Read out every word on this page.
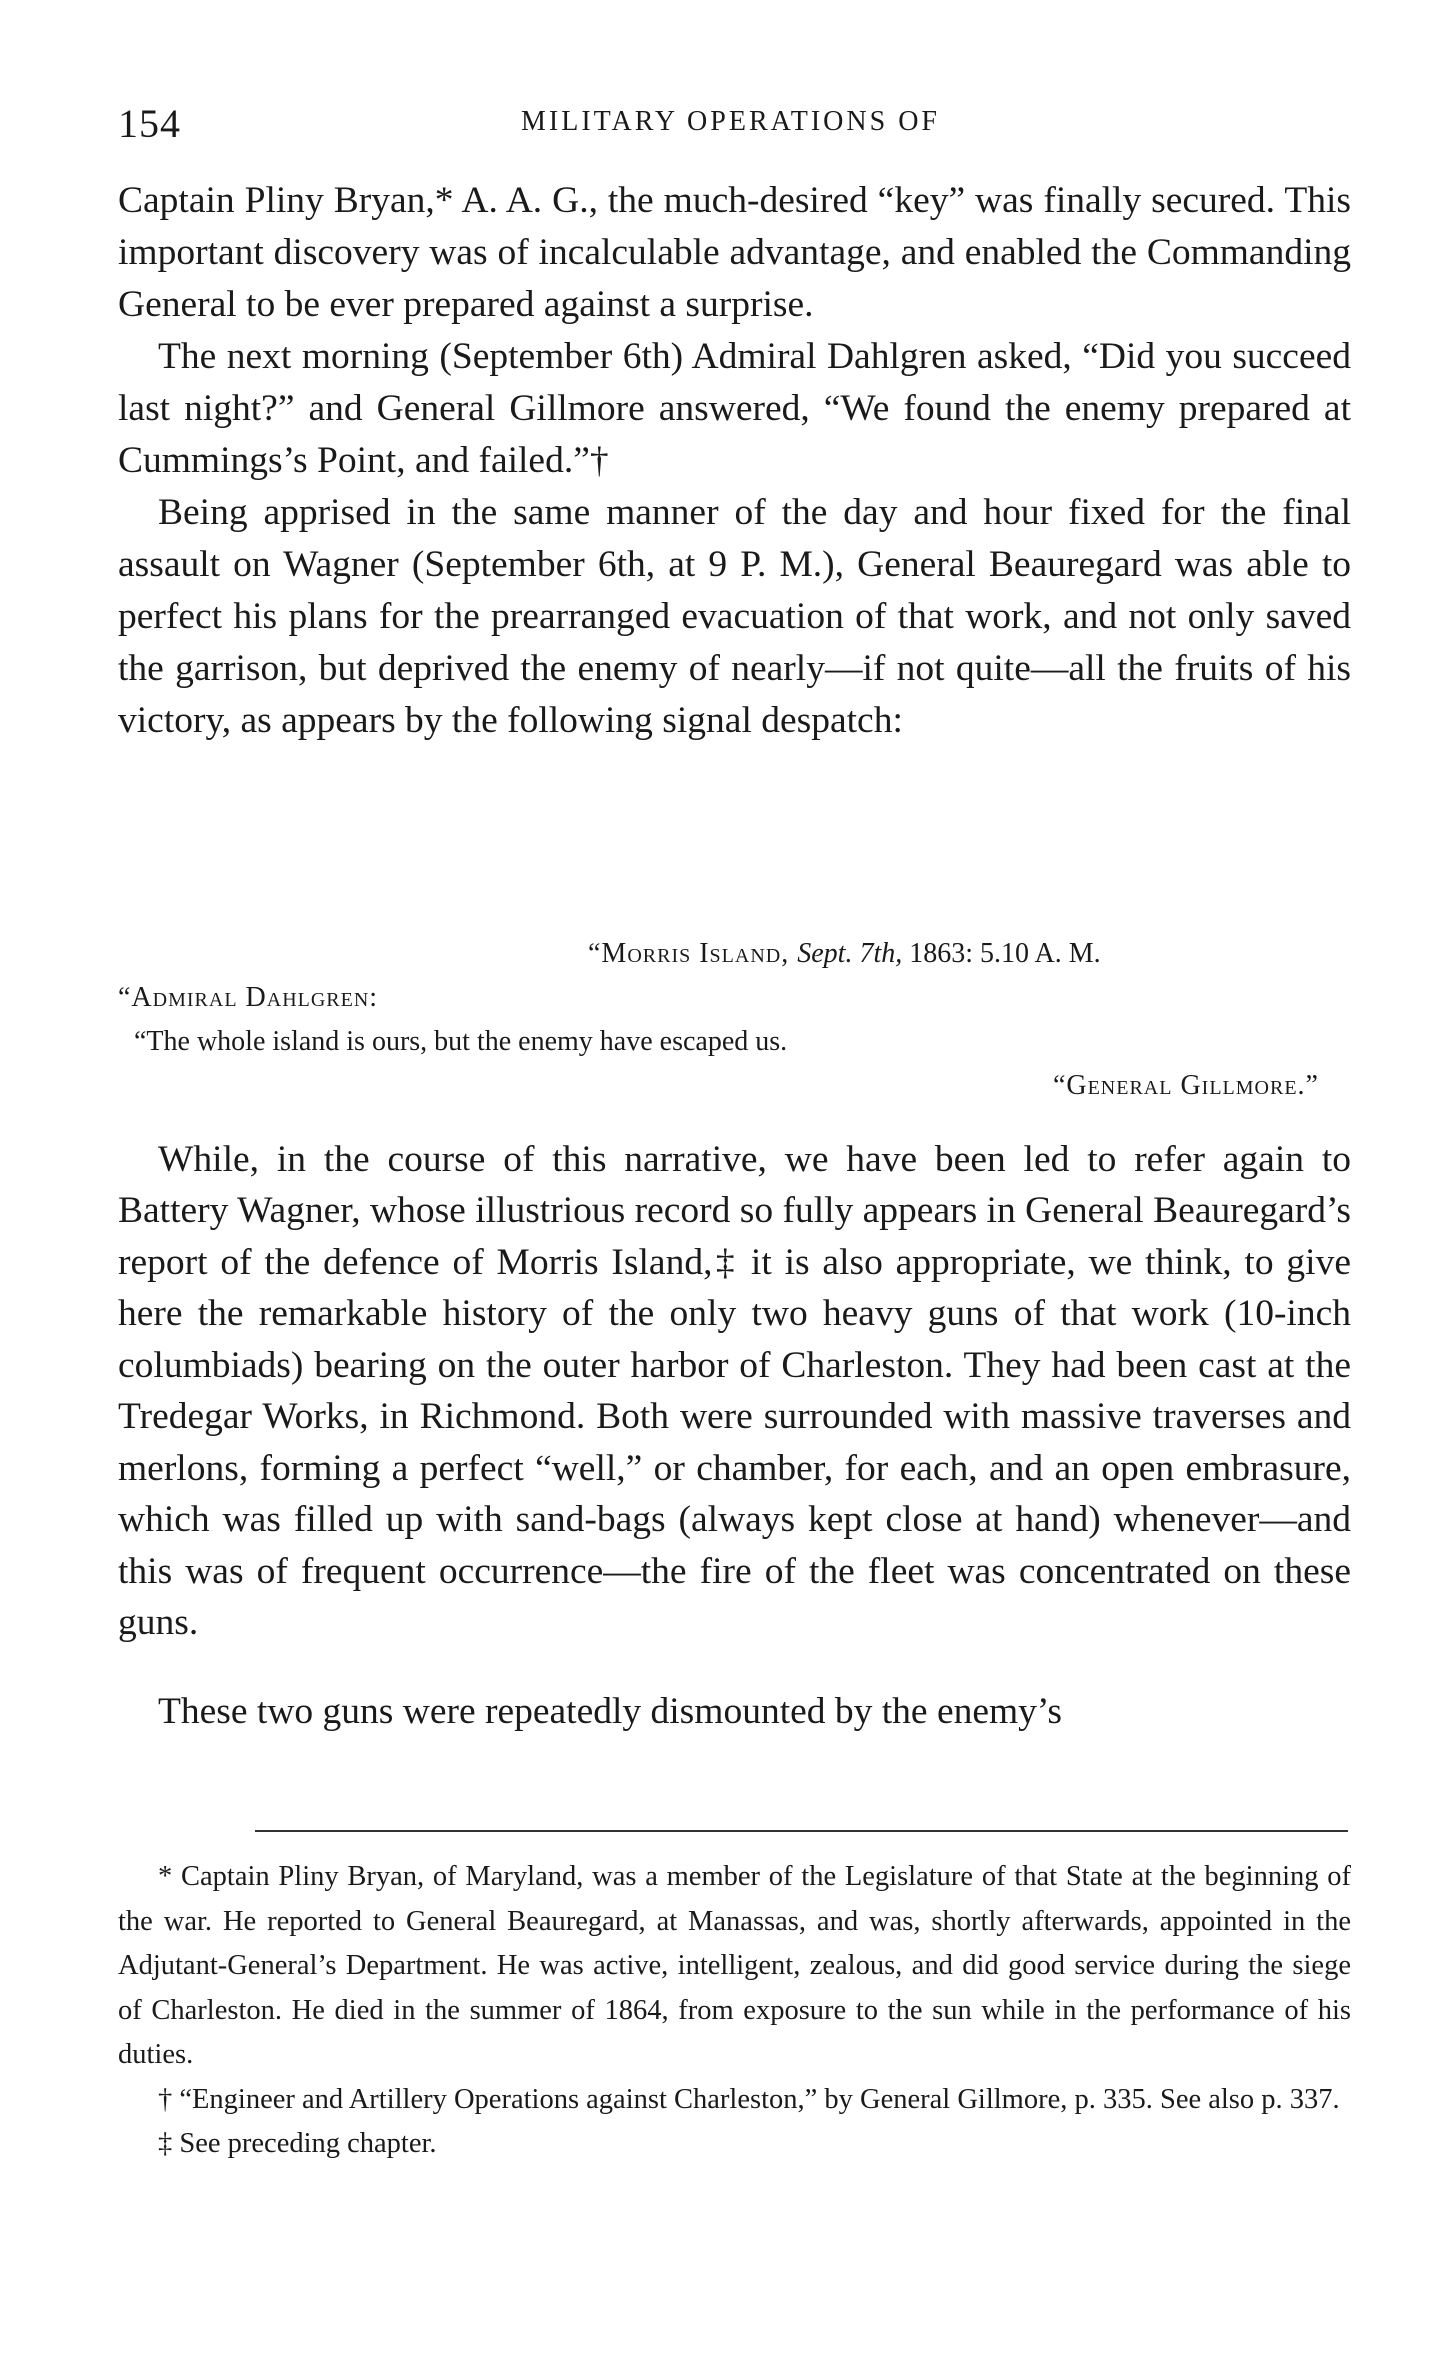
154	MILITARY OPERATIONS OF

Captain Pliny Bryan,* A. A. G., the much-desired “key” was finally secured. This important discovery was of incalculable advantage, and enabled the Commanding General to be ever prepared against a surprise.

The next morning (September 6th) Admiral Dahlgren asked, “Did you succeed last night?” and General Gillmore answered, “We found the enemy prepared at Cummings’s Point, and failed.”†

Being apprised in the same manner of the day and hour fixed for the final assault on Wagner (September 6th, at 9 P. M.), General Beauregard was able to perfect his plans for the prearranged evacuation of that work, and not only saved the garrison, but deprived the enemy of nearly—if not quite—all the fruits of his victory, as appears by the following signal despatch:

“Morris Island, Sept. 7th, 1863: 5.10 A. M.
“Admiral Dahlgren:
“The whole island is ours, but the enemy have escaped us.
“General Gillmore.”

While, in the course of this narrative, we have been led to refer again to Battery Wagner, whose illustrious record so fully appears in General Beauregard’s report of the defence of Morris Island,‡ it is also appropriate, we think, to give here the remarkable history of the only two heavy guns of that work (10-inch columbiads) bearing on the outer harbor of Charleston. They had been cast at the Tredegar Works, in Richmond. Both were surrounded with massive traverses and merlons, forming a perfect “well,” or chamber, for each, and an open embrasure, which was filled up with sand-bags (always kept close at hand) whenever—and this was of frequent occurrence—the fire of the fleet was concentrated on these guns.

These two guns were repeatedly dismounted by the enemy’s

* Captain Pliny Bryan, of Maryland, was a member of the Legislature of that State at the beginning of the war. He reported to General Beauregard, at Manassas, and was, shortly afterwards, appointed in the Adjutant-General’s Department. He was active, intelligent, zealous, and did good service during the siege of Charleston. He died in the summer of 1864, from exposure to the sun while in the performance of his duties.

† “Engineer and Artillery Operations against Charleston,” by General Gillmore, p. 335. See also p. 337.

‡ See preceding chapter.
